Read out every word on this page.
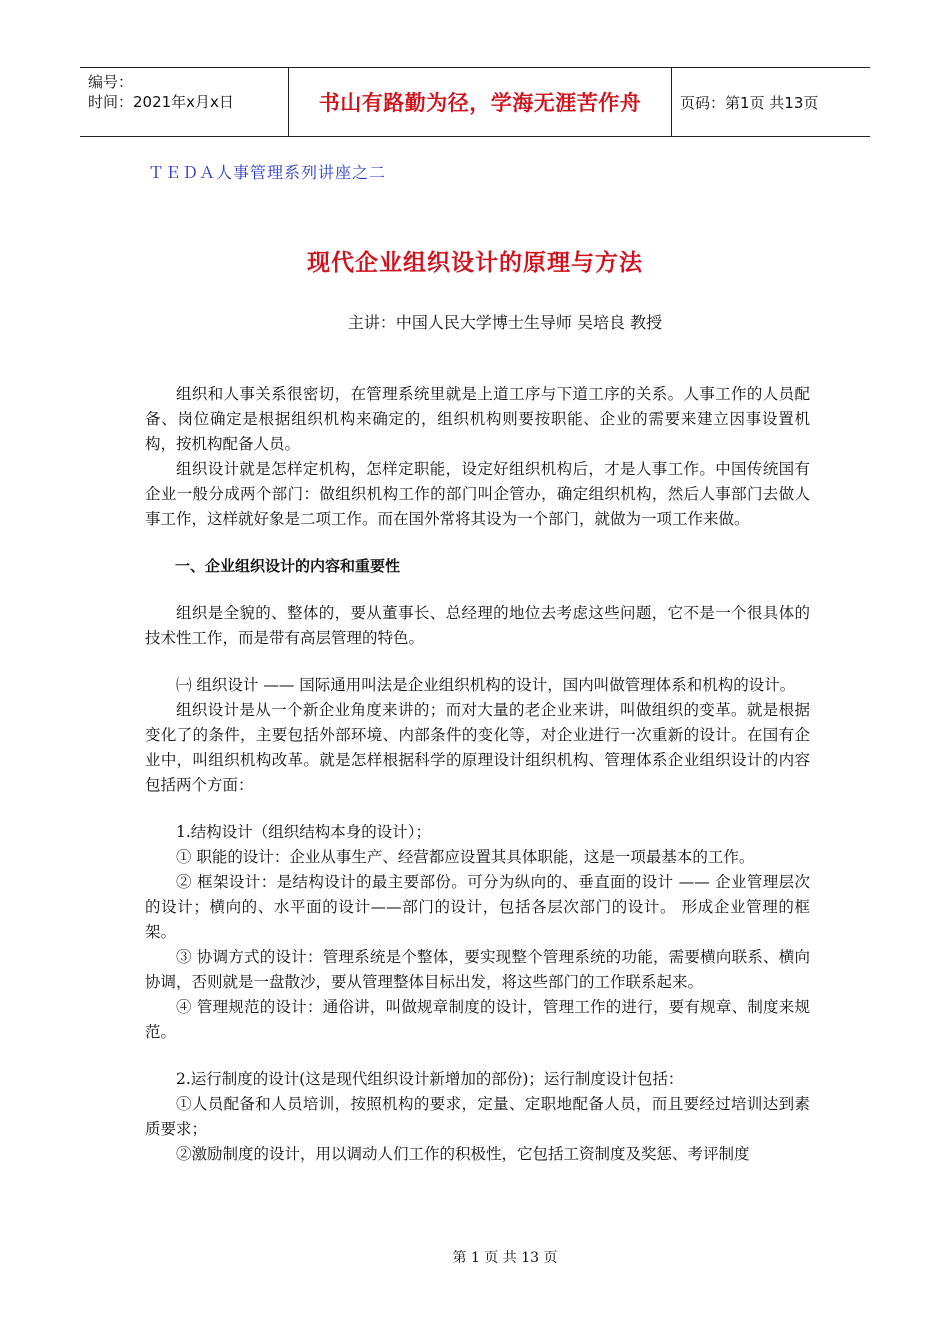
编号：
时间：2021年x月x日	书山有路勤为径，学海无涯苦作舟	页码：第1页 共13页
ＴＥＤＡ人事管理系列讲座之二
现代企业组织设计的原理与方法
主讲：中国人民大学博士生导师 吴培良 教授

组织和人事关系很密切，在管理系统里就是上道工序与下道工序的关系。人事工作的人员配备、岗位确定是根据组织机构来确定的，组织机构则要按职能、企业的需要来建立因事设置机构，按机构配备人员。

组织设计就是怎样定机构，怎样定职能，设定好组织机构后，才是人事工作。中国传统国有企业一般分成两个部门：做组织机构工作的部门叫企管办，确定组织机构，然后人事部门去做人事工作，这样就好象是二项工作。而在国外常将其设为一个部门，就做为一项工作来做。

一、企业组织设计的内容和重要性

组织是全貌的、整体的，要从董事长、总经理的地位去考虑这些问题，它不是一个很具体的技术性工作，而是带有高层管理的特色。

㈠ 组织设计 —— 国际通用叫法是企业组织机构的设计，国内叫做管理体系和机构的设计。

组织设计是从一个新企业角度来讲的；而对大量的老企业来讲，叫做组织的变革。就是根据变化了的条件，主要包括外部环境、内部条件的变化等，对企业进行一次重新的设计。在国有企业中，叫组织机构改革。就是怎样根据科学的原理设计组织机构、管理体系企业组织设计的内容包括两个方面：

1.结构设计（组织结构本身的设计）；

① 职能的设计：企业从事生产、经营都应设置其具体职能，这是一项最基本的工作。

② 框架设计：是结构设计的最主要部份。可分为纵向的、垂直面的设计 —— 企业管理层次的设计；横向的、水平面的设计——部门的设计，包括各层次部门的设计。 形成企业管理的框架。

③ 协调方式的设计：管理系统是个整体，要实现整个管理系统的功能，需要横向联系、横向协调，否则就是一盘散沙，要从管理整体目标出发，将这些部门的工作联系起来。

④ 管理规范的设计：通俗讲，叫做规章制度的设计，管理工作的进行，要有规章、制度来规范。

2.运行制度的设计(这是现代组织设计新增加的部份)；运行制度设计包括：

①人员配备和人员培训，按照机构的要求，定量、定职地配备人员，而且要经过培训达到素质要求；

②激励制度的设计，用以调动人们工作的积极性，它包括工资制度及奖惩、考评制度

第 1 页 共 13 页
